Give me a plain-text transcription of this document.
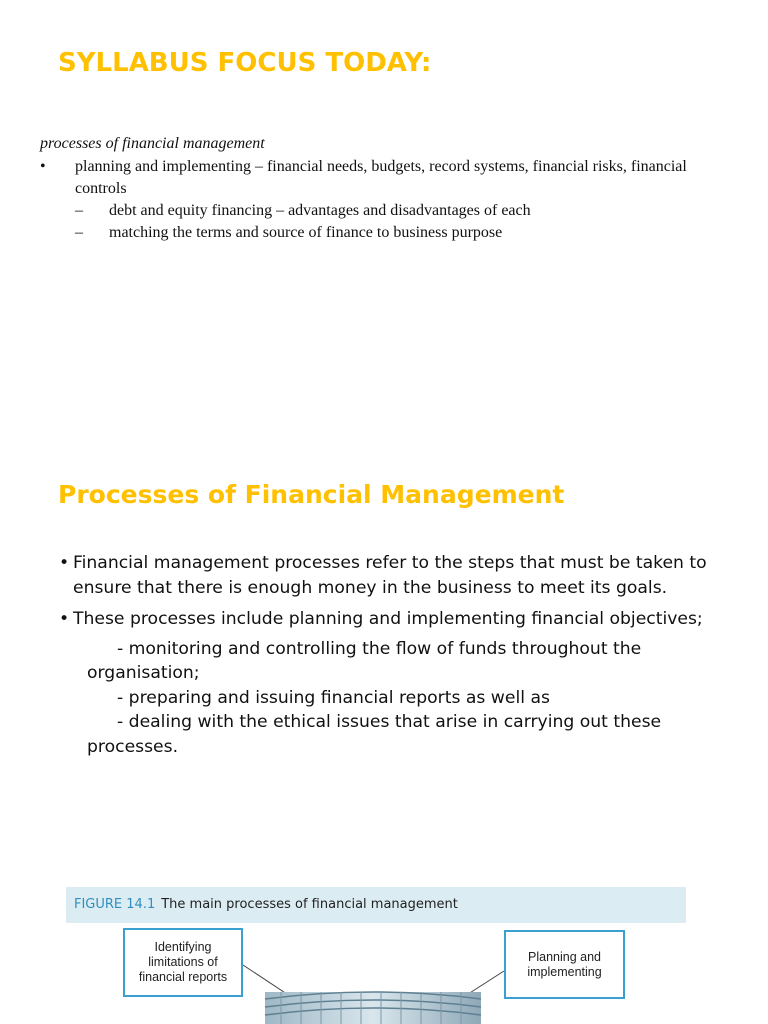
SYLLABUS FOCUS TODAY:

processes of financial management

•	planning and implementing – financial needs, budgets, record systems, financial risks, financial controls
–	debt and equity financing – advantages and disadvantages of each
–	matching the terms and source of finance to business purpose
Processes of Financial Management
• Financial management processes refer to the steps that must be taken to ensure that there is enough money in the business to meet its goals.
• These processes include planning and implementing financial objectives;

- monitoring and controlling the flow of funds throughout the organisation;

- preparing and issuing financial reports as well as

- dealing with the ethical issues that arise in carrying out these processes.

FIGURE 14.1 The main processes of financial management
Identifying limitations of financial reports
Planning and implementing
